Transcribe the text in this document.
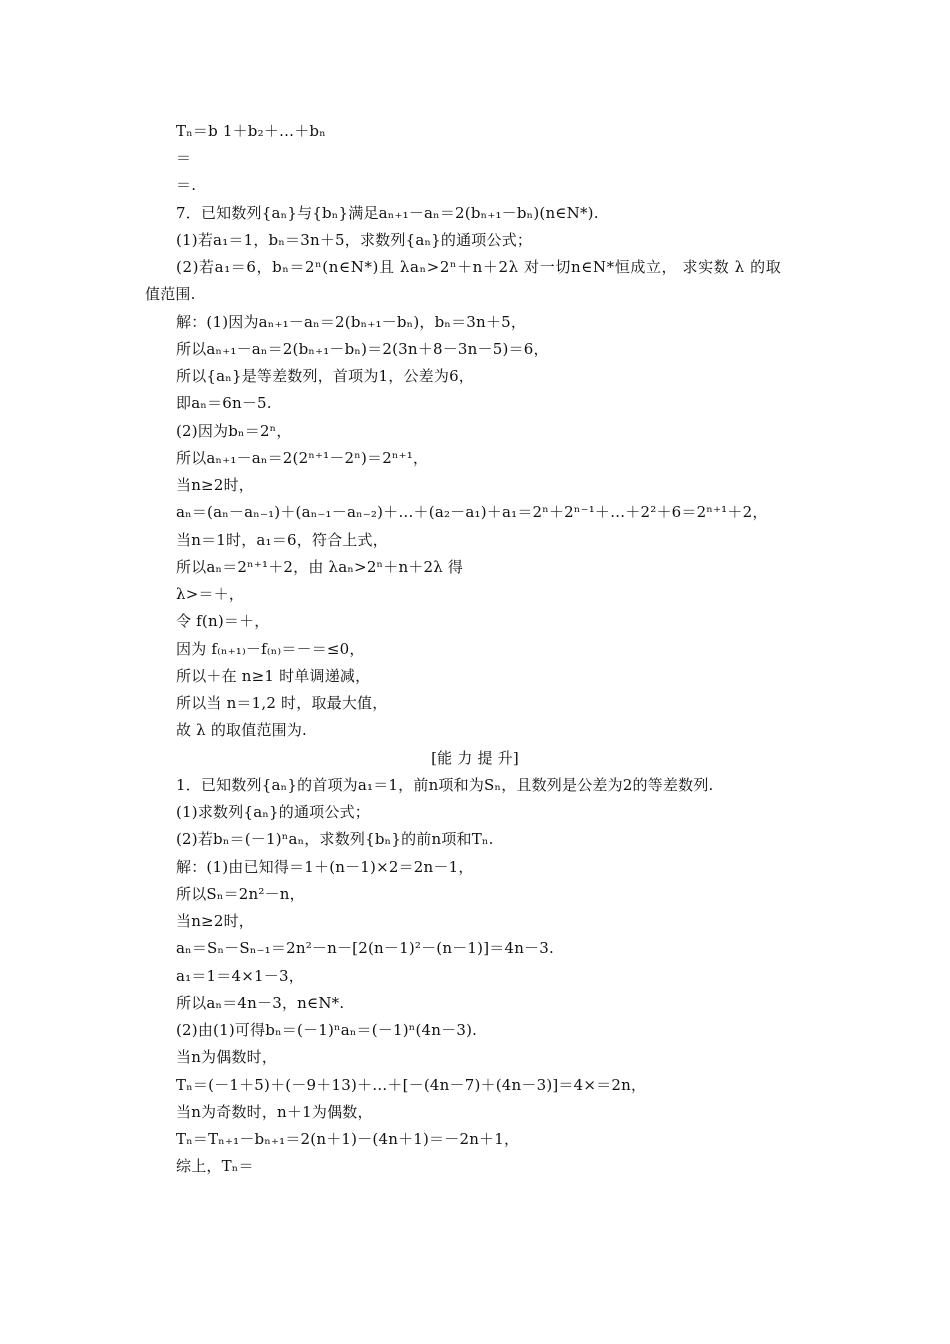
Tₙ＝b 1＋b₂＋…＋bₙ
＝
＝.
7．已知数列{aₙ}与{bₙ}满足aₙ₊₁－aₙ＝2(bₙ₊₁－bₙ)(n∈N*).
(1)若a₁＝1，bₙ＝3n＋5，求数列{aₙ}的通项公式；
(2)若a₁＝6，bₙ＝2ⁿ(n∈N*)且 λaₙ>2ⁿ＋n＋2λ 对一切n∈N*恒成立， 求实数 λ 的取
值范围.
解：(1)因为aₙ₊₁－aₙ＝2(bₙ₊₁－bₙ)，bₙ＝3n＋5，
所以aₙ₊₁－aₙ＝2(bₙ₊₁－bₙ)＝2(3n＋8－3n－5)＝6，
所以{aₙ}是等差数列，首项为1，公差为6，
即aₙ＝6n－5.
(2)因为bₙ＝2ⁿ，
所以aₙ₊₁－aₙ＝2(2ⁿ⁺¹－2ⁿ)＝2ⁿ⁺¹，
当n≥2时，
aₙ＝(aₙ－aₙ₋₁)＋(aₙ₋₁－aₙ₋₂)＋…＋(a₂－a₁)＋a₁＝2ⁿ＋2ⁿ⁻¹＋…＋2²＋6＝2ⁿ⁺¹＋2，
当n＝1时，a₁＝6，符合上式，
所以aₙ＝2ⁿ⁺¹＋2，由 λaₙ>2ⁿ＋n＋2λ 得
λ>＝＋，
令 f(n)＝＋，
因为 f₍ₙ₊₁₎－f₍ₙ₎＝－＝≤0，
所以＋在 n≥1 时单调递减，
所以当 n＝1,2 时，取最大值，
故 λ 的取值范围为.
[能 力 提 升]
1．已知数列{aₙ}的首项为a₁＝1，前n项和为Sₙ，且数列是公差为2的等差数列.
(1)求数列{aₙ}的通项公式；
(2)若bₙ＝(－1)ⁿaₙ，求数列{bₙ}的前n项和Tₙ.
解：(1)由已知得＝1＋(n－1)×2＝2n－1，
所以Sₙ＝2n²－n，
当n≥2时，
aₙ＝Sₙ－Sₙ₋₁＝2n²－n－[2(n－1)²－(n－1)]＝4n－3.
a₁＝1＝4×1－3，
所以aₙ＝4n－3，n∈N*.
(2)由(1)可得bₙ＝(－1)ⁿaₙ＝(－1)ⁿ(4n－3).
当n为偶数时，
Tₙ＝(－1＋5)＋(－9＋13)＋…＋[－(4n－7)＋(4n－3)]＝4×＝2n，
当n为奇数时，n＋1为偶数，
Tₙ＝Tₙ₊₁－bₙ₊₁＝2(n＋1)－(4n＋1)＝－2n＋1，
综上，Tₙ＝
